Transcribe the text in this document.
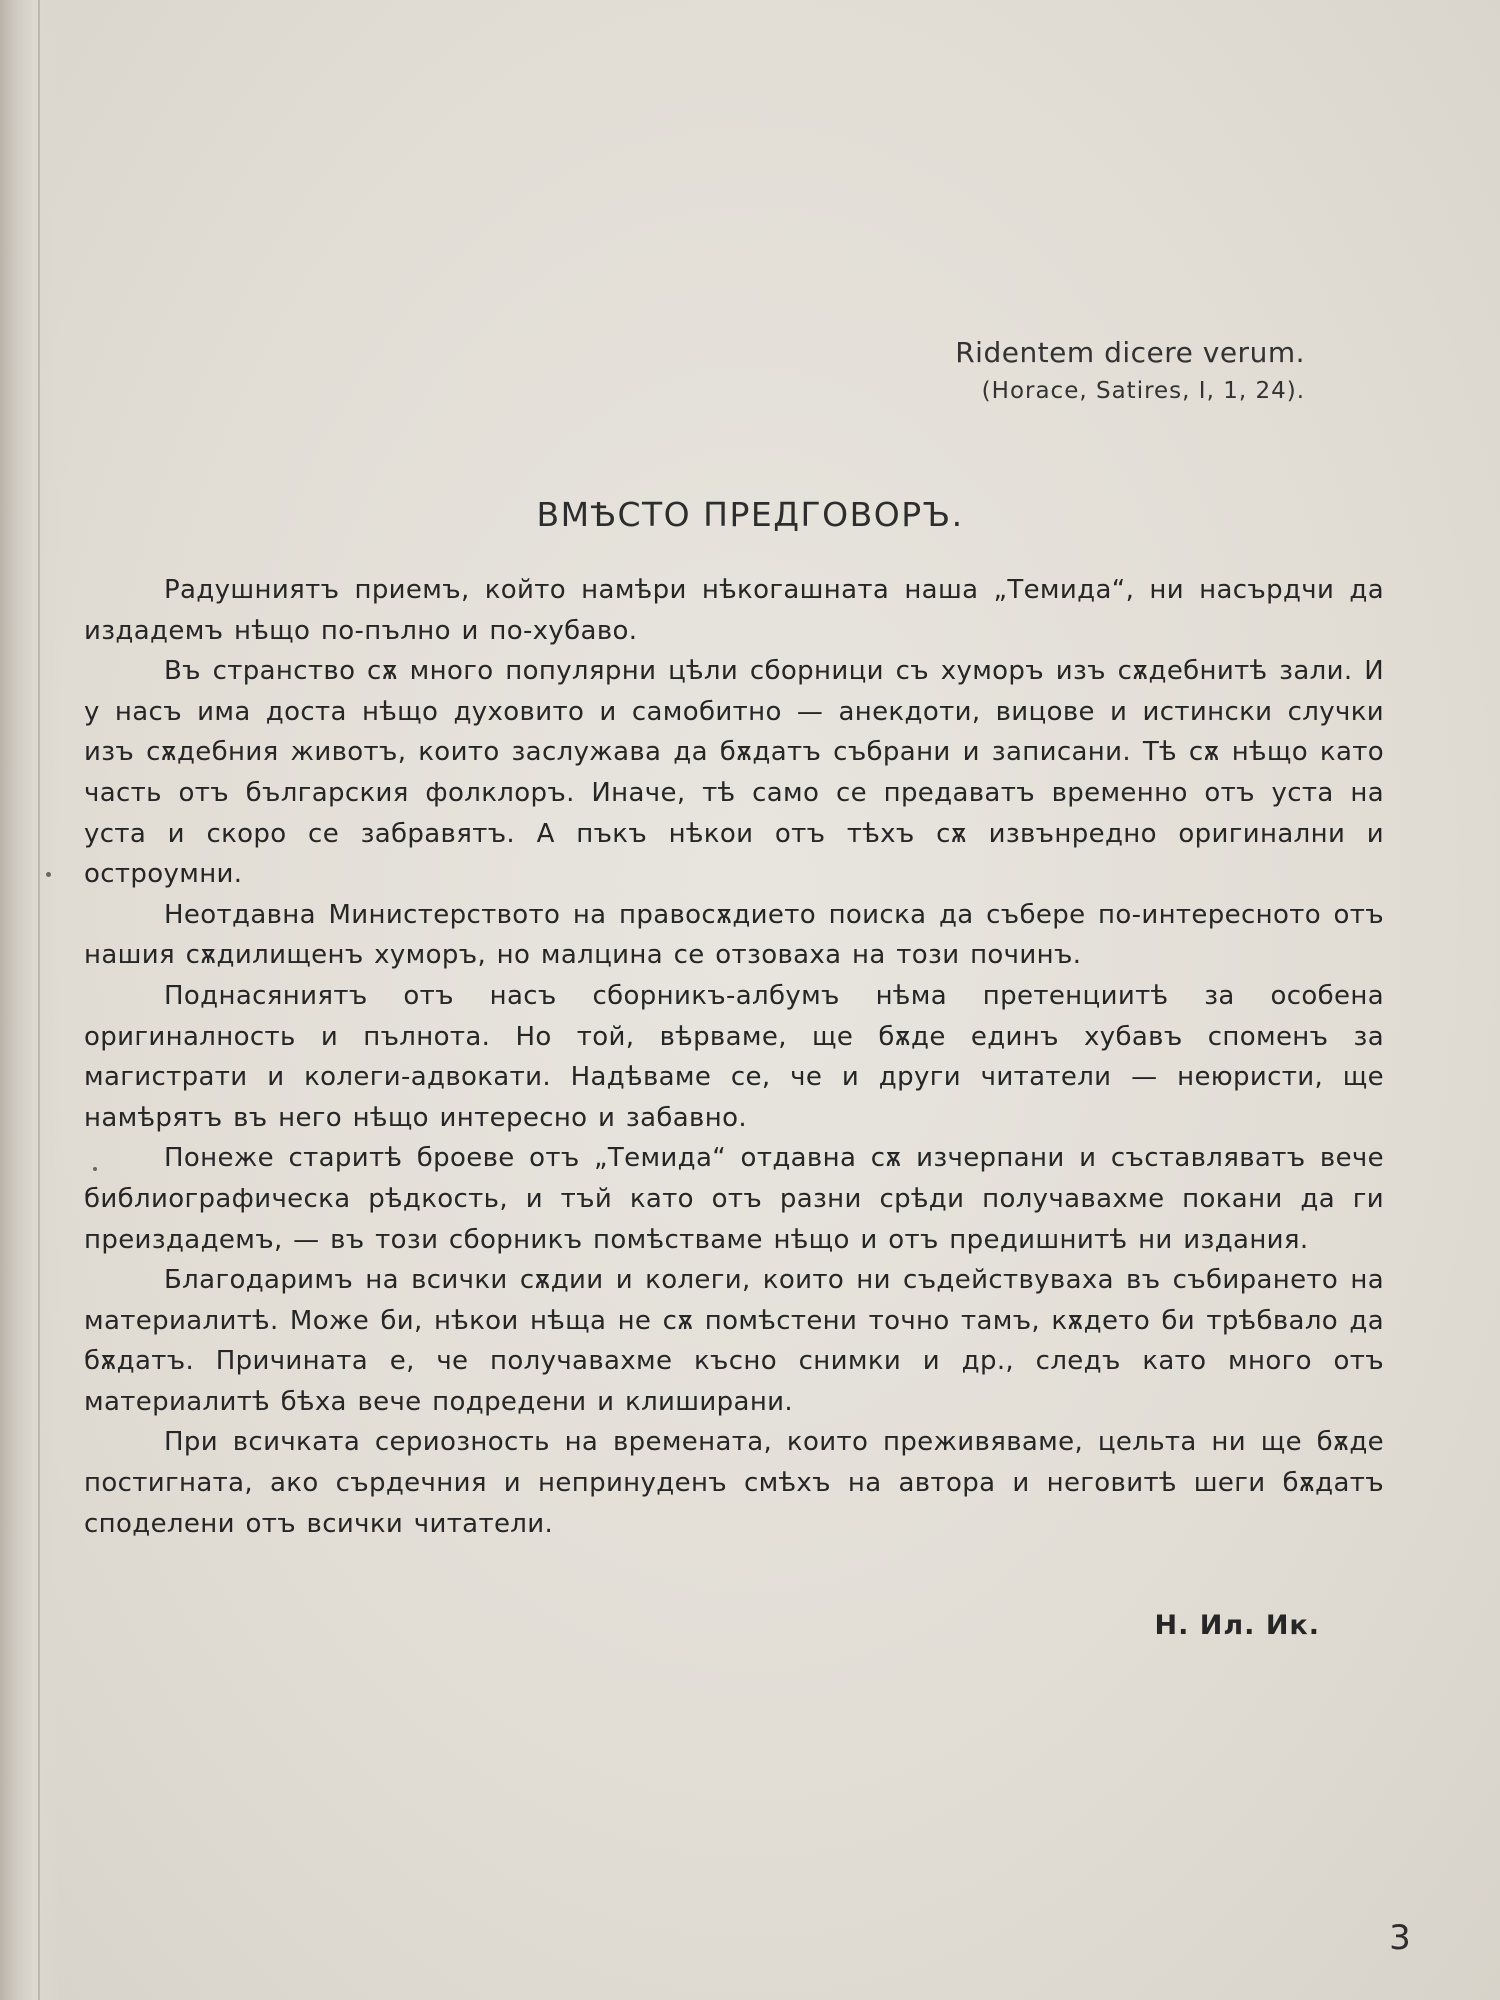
Ridentem dicere verum.
(Horace, Satires, I, 1, 24).
ВМѢСТО ПРЕДГОВОРЪ.

Радушниятъ приемъ, който намѣри нѣкогашната наша „Темида“, ни насърдчи да издадемъ нѣщо по-пълно и по-хубаво.

Въ странство сѫ много популярни цѣли сборници съ хуморъ изъ сѫдебнитѣ зали. И у насъ има доста нѣщо духовито и самобитно — анекдоти, вицове и истински случки изъ сѫдебния животъ, които заслужава да бѫдатъ събрани и записани. Тѣ сѫ нѣщо като часть отъ българския фолклоръ. Иначе, тѣ само се предаватъ временно отъ уста на уста и скоро се забравятъ. А пъкъ нѣкои отъ тѣхъ сѫ извънредно оригинални и остроумни.

Неотдавна Министерството на правосѫдието поиска да събере по-интересното отъ нашия сѫдилищенъ хуморъ, но малцина се отзоваха на този починъ.

Поднасяниятъ отъ насъ сборникъ-албумъ нѣма претенциитѣ за особена оригиналность и пълнота. Но той, вѣрваме, ще бѫде единъ хубавъ споменъ за магистрати и колеги-адвокати. Надѣваме се, че и други читатели — неюристи, ще намѣрятъ въ него нѣщо интересно и забавно.

Понеже старитѣ броеве отъ „Темида“ отдавна сѫ изчерпани и съставляватъ вече библиографическа рѣдкость, и тъй като отъ разни срѣди получавахме покани да ги преиздадемъ, — въ този сборникъ помѣстваме нѣщо и отъ предишнитѣ ни издания.

Благодаримъ на всички сѫдии и колеги, които ни съдействуваха въ събирането на материалитѣ. Може би, нѣкои нѣща не сѫ помѣстени точно тамъ, кѫдето би трѣбвало да бѫдатъ. Причината е, че получавахме късно снимки и др., следъ като много отъ материалитѣ бѣха вече подредени и клиширани.

При всичката сериозность на времената, които преживяваме, цельта ни ще бѫде постигната, ако сърдечния и непринуденъ смѣхъ на автора и неговитѣ шеги бѫдатъ споделени отъ всички читатели.

Н. Ил. Ик.
3
